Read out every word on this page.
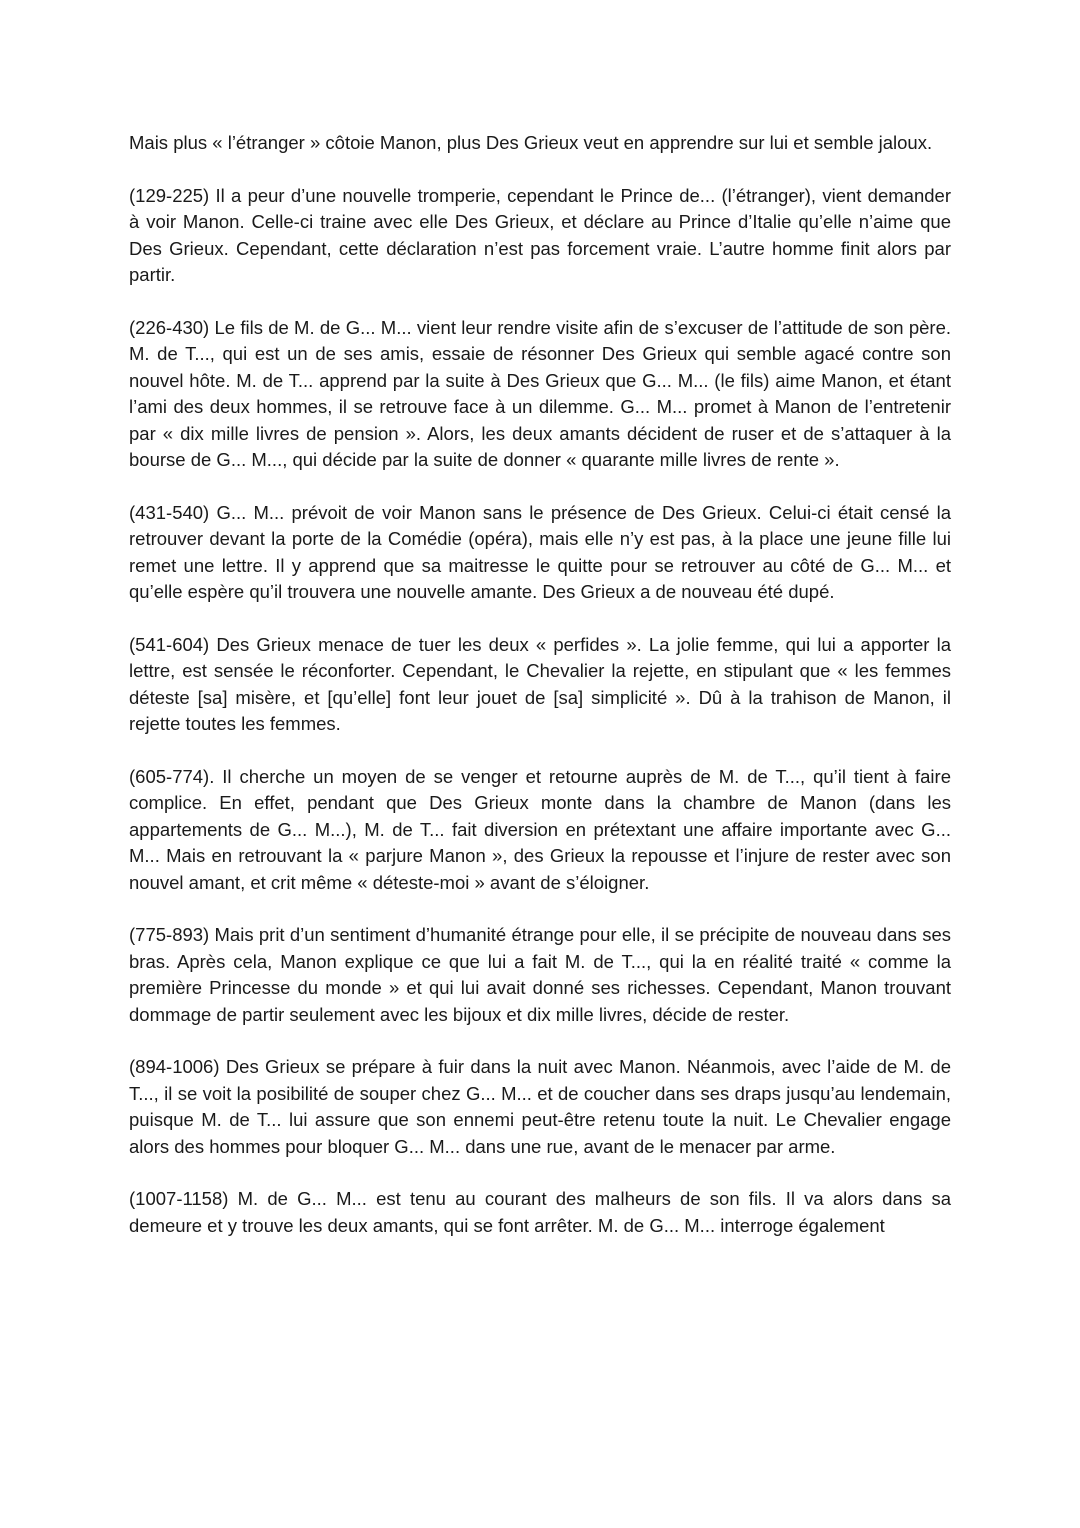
Mais plus « l’étranger » côtoie Manon, plus Des Grieux veut en apprendre sur lui et semble jaloux.

(129-225) Il a peur d’une nouvelle tromperie, cependant le Prince de... (l’étranger), vient demander à voir Manon. Celle-ci traine avec elle Des Grieux, et déclare au Prince d’Italie qu’elle n’aime que Des Grieux. Cependant, cette déclaration n’est pas forcement vraie. L’autre homme finit alors par partir.

(226-430) Le fils de M. de G... M... vient leur rendre visite afin de s’excuser de l’attitude de son père. M. de T..., qui est un de ses amis, essaie de résonner Des Grieux qui semble agacé contre son nouvel hôte. M. de T... apprend par la suite à Des Grieux que G... M... (le fils) aime Manon, et étant l’ami des deux hommes, il se retrouve face à un dilemme. G... M... promet à Manon de l’entretenir par « dix mille livres de pension ». Alors, les deux amants décident de ruser et de s’attaquer à la bourse de G... M..., qui décide par la suite de donner « quarante mille livres de rente ».

(431-540) G... M... prévoit de voir Manon sans le présence de Des Grieux. Celui-ci était censé la retrouver devant la porte de la Comédie (opéra), mais elle n’y est pas, à la place une jeune fille lui remet une lettre. Il y apprend que sa maitresse le quitte pour se retrouver au côté de G... M... et qu’elle espère qu’il trouvera une nouvelle amante. Des Grieux a de nouveau été dupé.

(541-604) Des Grieux menace de tuer les deux « perfides ». La jolie femme, qui lui a apporter la lettre, est sensée le réconforter. Cependant, le Chevalier la rejette, en stipulant que « les femmes déteste [sa] misère, et [qu’elle] font leur jouet de [sa] simplicité ». Dû à la trahison de Manon, il rejette toutes les femmes.

(605-774). Il cherche un moyen de se venger et retourne auprès de M. de T..., qu’il tient à faire complice. En effet, pendant que Des Grieux monte dans la chambre de Manon (dans les appartements de G... M...), M. de T... fait diversion en prétextant une affaire importante avec G... M... Mais en retrouvant la « parjure Manon », des Grieux la repousse et l’injure de rester avec son nouvel amant, et crit même « déteste-moi » avant de s’éloigner.

(775-893) Mais prit d’un sentiment d’humanité étrange pour elle, il se précipite de nouveau dans ses bras. Après cela, Manon explique ce que lui a fait M. de T..., qui la en réalité traité « comme la première Princesse du monde » et qui lui avait donné ses richesses. Cependant, Manon trouvant dommage de partir seulement avec les bijoux et dix mille livres, décide de rester.

(894-1006) Des Grieux se prépare à fuir dans la nuit avec Manon. Néanmois, avec l’aide de M. de T..., il se voit la posibilité de souper chez G... M... et de coucher dans ses draps jusqu’au lendemain, puisque M. de T... lui assure que son ennemi peut-être retenu toute la nuit. Le Chevalier engage alors des hommes pour bloquer G... M... dans une rue, avant de le menacer par arme.

(1007-1158) M. de G... M... est tenu au courant des malheurs de son fils. Il va alors dans sa demeure et y trouve les deux amants, qui se font arrêter. M. de G... M... interroge également
